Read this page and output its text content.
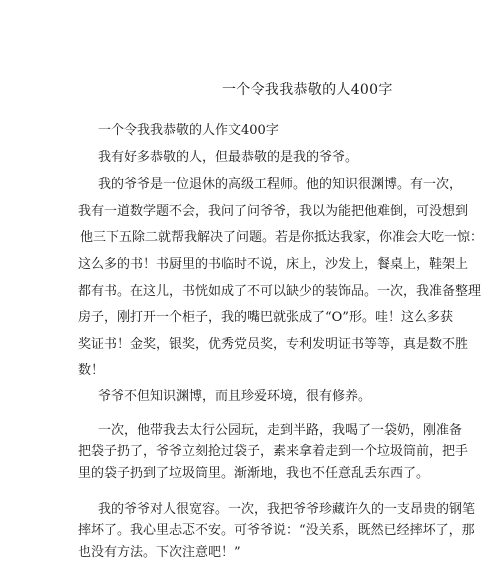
一个令我我恭敬的人400字
一个令我我恭敬的人作文400字
我有好多恭敬的人，但最恭敬的是我的爷爷。
我的爷爷是一位退休的高级工程师。他的知识很渊博。有一次，
我有一道数学题不会，我问了问爷爷，我以为能把他难倒，可没想到
他三下五除二就帮我解决了问题。若是你抵达我家，你准会大吃一惊：
这么多的书！书厨里的书临时不说，床上，沙发上，餐桌上，鞋架上
都有书。在这儿，书恍如成了不可以缺少的装饰品。一次，我准备整理
房子，刚打开一个柜子，我的嘴巴就张成了“O”形。哇！这么多获
奖证书！金奖，银奖，优秀党员奖，专利发明证书等等，真是数不胜
数！
爷爷不但知识渊博，而且珍爱环境，很有修养。
一次，他带我去太行公园玩，走到半路，我喝了一袋奶，刚准备
把袋子扔了，爷爷立刻抢过袋子，素来拿着走到一个垃圾筒前，把手
里的袋子扔到了垃圾筒里。渐渐地，我也不任意乱丢东西了。
我的爷爷对人很宽容。一次，我把爷爷珍藏许久的一支昂贵的钢笔
摔坏了。我心里忐忑不安。可爷爷说：“没关系，既然已经摔坏了，那
也没有方法。下次注意吧！”
